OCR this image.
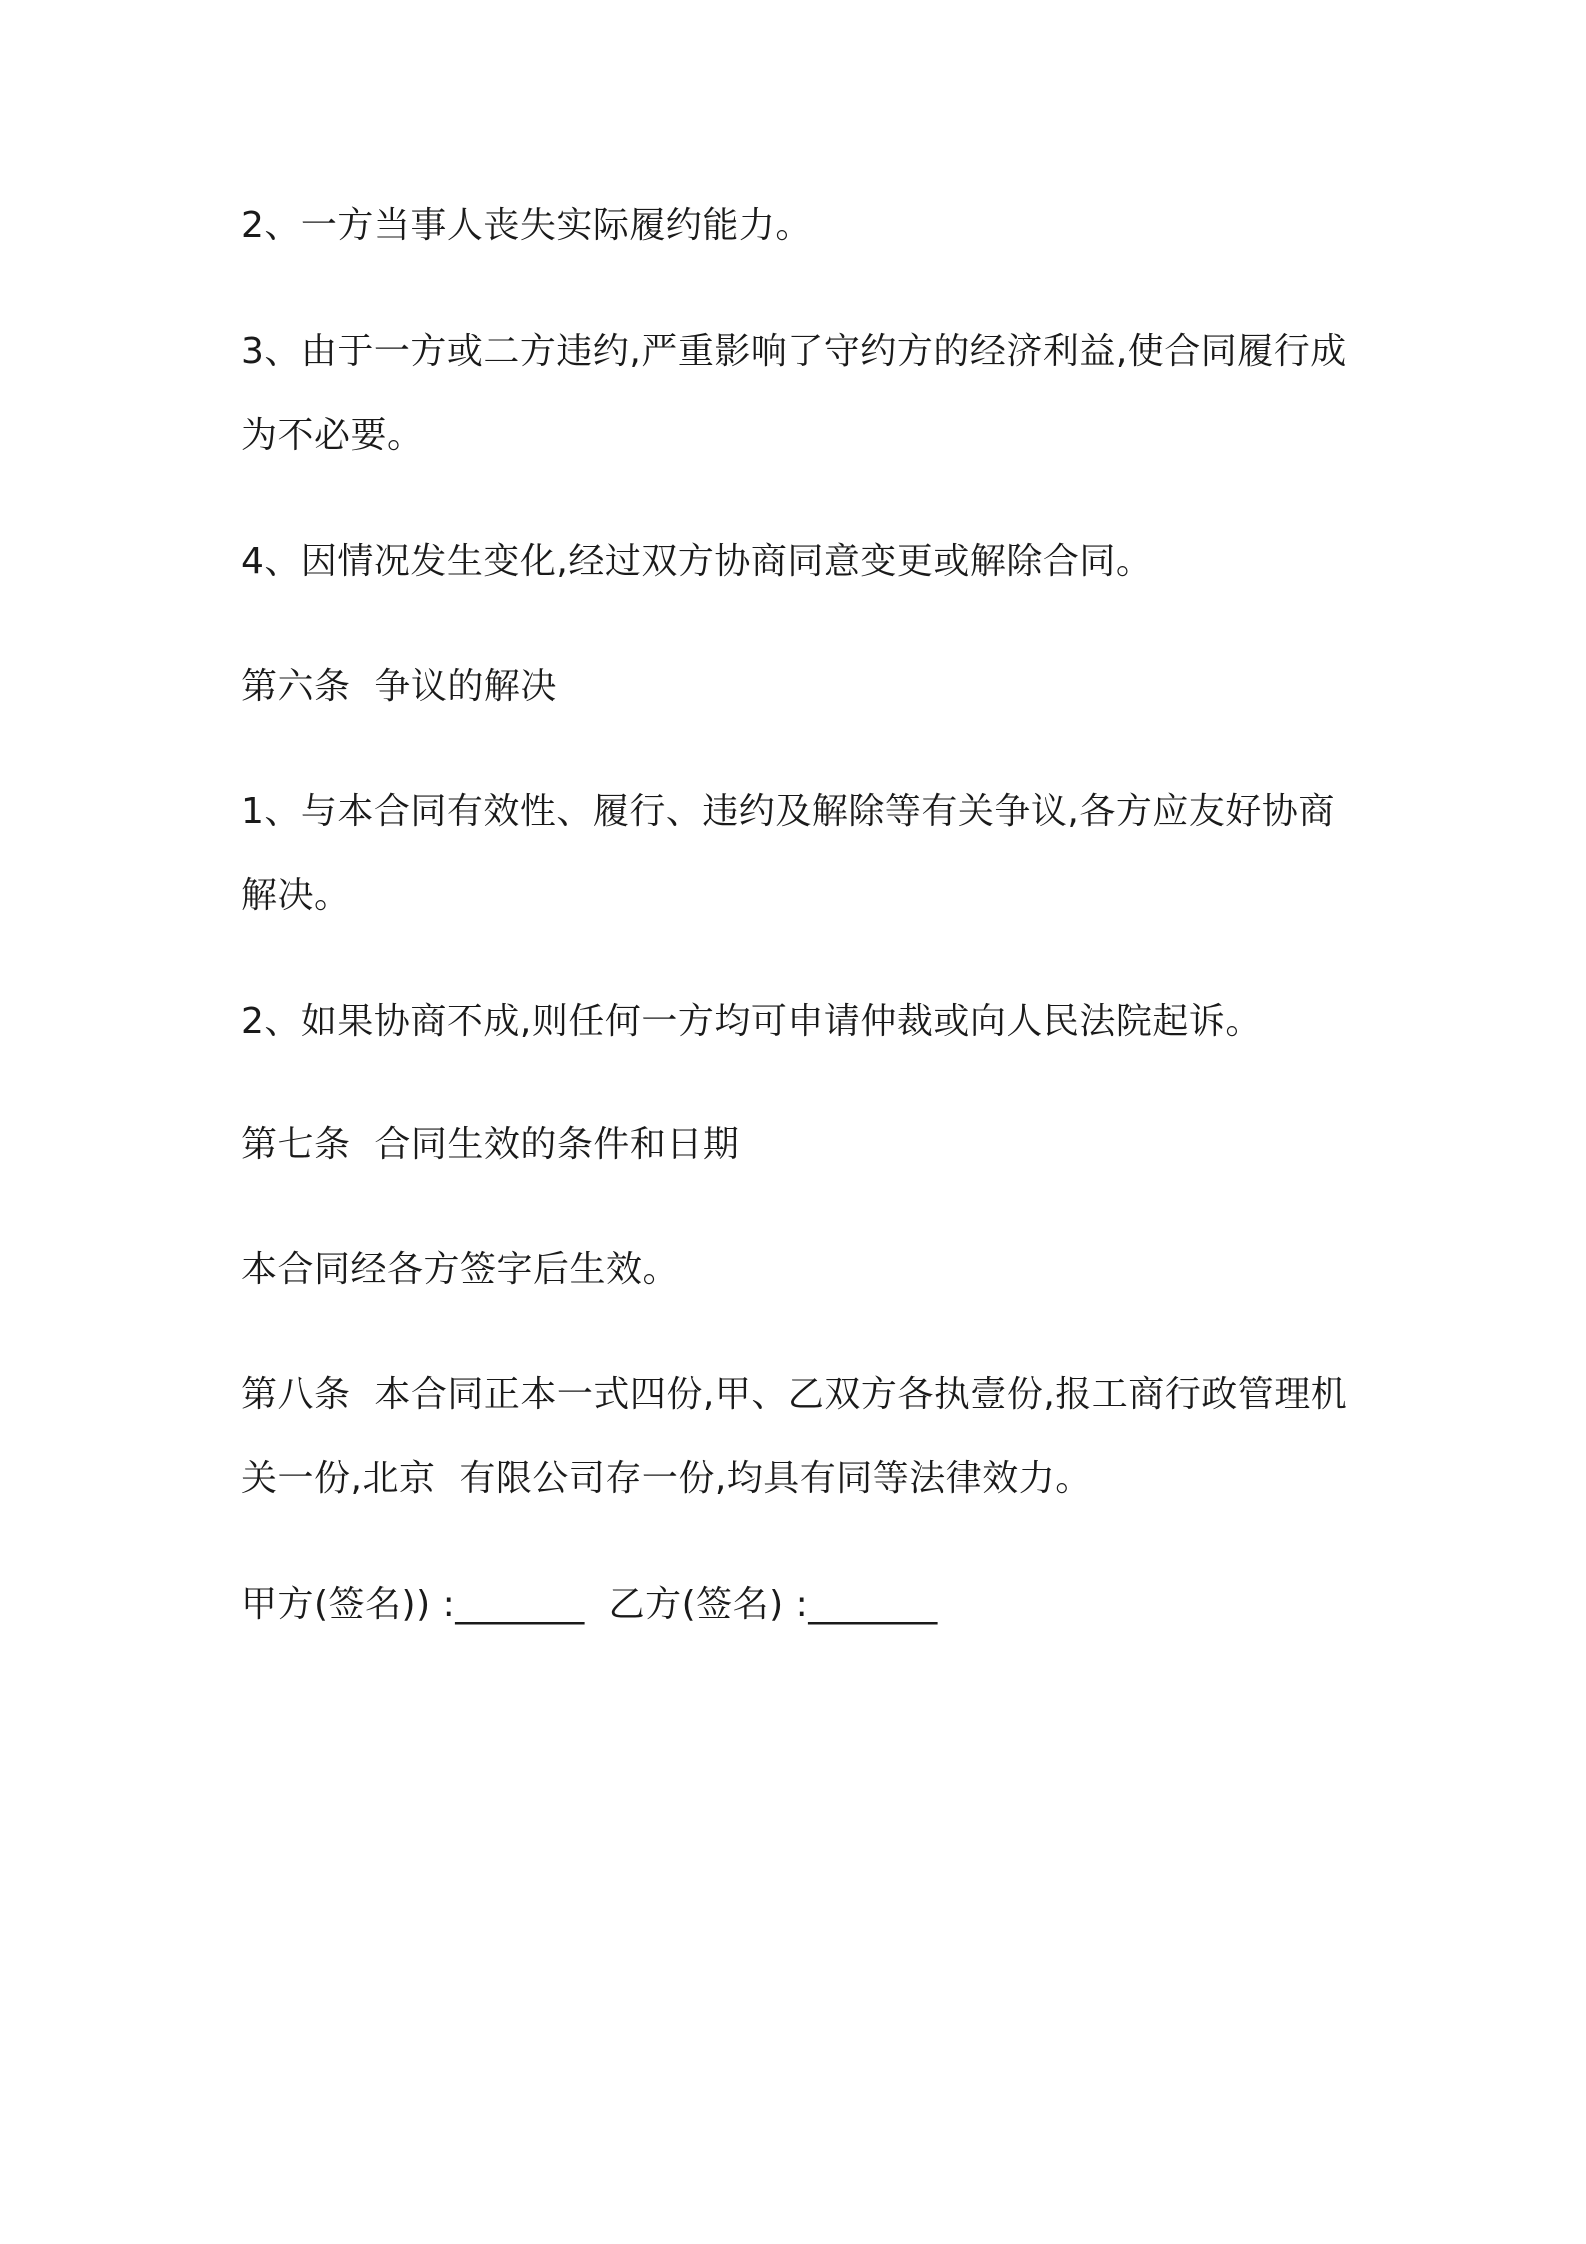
2、一方当事人丧失实际履约能力。

3、由于一方或二方违约,严重影响了守约方的经济利益,使合同履行成为不必要。

4、因情况发生变化,经过双方协商同意变更或解除合同。

第六条  争议的解决

1、与本合同有效性、履行、违约及解除等有关争议,各方应友好协商解决。

2、如果协商不成,则任何一方均可申请仲裁或向人民法院起诉。

第七条  合同生效的条件和日期

本合同经各方签字后生效。

第八条  本合同正本一式四份,甲、乙双方各执壹份,报工商行政管理机关一份,北京  有限公司存一份,均具有同等法律效力。

甲方(签名)) :_______  乙方(签名) :_______
